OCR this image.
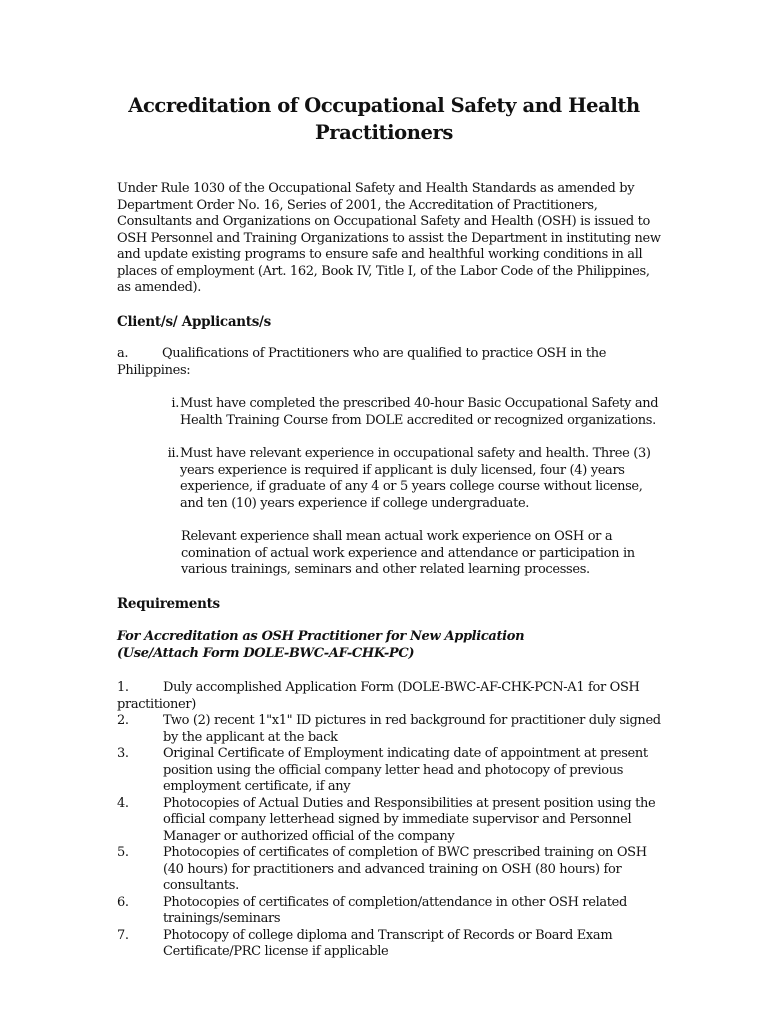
Accreditation of Occupational Safety and Health
Practitioners
Under Rule 1030 of the Occupational Safety and Health Standards as amended by Department Order No. 16, Series of 2001, the Accreditation of Practitioners, Consultants and Organizations on Occupational Safety and Health (OSH) is issued to OSH Personnel and Training Organizations to assist the Department in instituting new and update existing programs to ensure safe and healthful working conditions in all places of employment (Art. 162, Book IV, Title I, of the Labor Code of the Philippines, as amended).
Client/s/ Applicants/s
a.	Qualifications of Practitioners who are qualified to practice OSH in the Philippines:
i. Must have completed the prescribed 40-hour Basic Occupational Safety and Health Training Course from DOLE accredited or recognized organizations.
ii. Must have relevant experience in occupational safety and health. Three (3) years experience is required if applicant is duly licensed, four (4) years experience, if graduate of any 4 or 5 years college course without license, and ten (10) years experience if college undergraduate.
Relevant experience shall mean actual work experience on OSH or a comination of actual work experience and attendance or participation in various trainings, seminars and other related learning processes.
Requirements
For Accreditation as OSH Practitioner for New Application
(Use/Attach Form DOLE-BWC-AF-CHK-PC)
1.	Duly accomplished Application Form (DOLE-BWC-AF-CHK-PCN-A1 for OSH practitioner)
2.	Two (2) recent 1"x1" ID pictures in red background for practitioner duly signed by the applicant at the back
3.	Original Certificate of Employment indicating date of appointment at present position using the official company letter head and photocopy of previous employment certificate, if any
4.	Photocopies of Actual Duties and Responsibilities at present position using the official company letterhead signed by immediate supervisor and Personnel Manager or authorized official of the company
5.	Photocopies of certificates of completion of BWC prescribed training on OSH (40 hours) for practitioners and advanced training on OSH (80 hours) for consultants.
6.	Photocopies of certificates of completion/attendance in other OSH related trainings/seminars
7.	Photocopy of college diploma and Transcript of Records or Board Exam Certificate/PRC license if applicable
